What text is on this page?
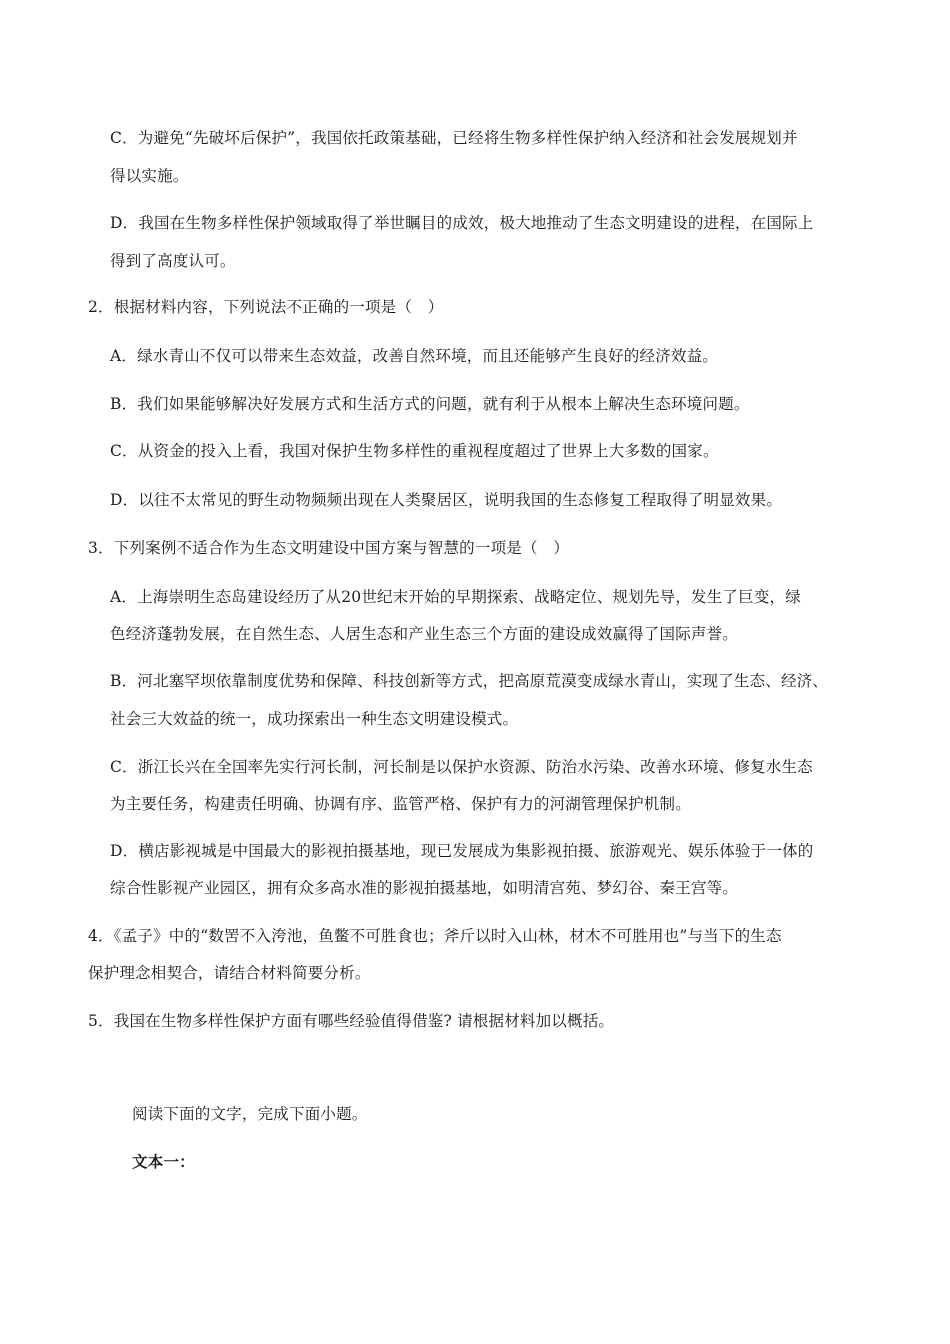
C．为避免“先破坏后保护”，我国依托政策基础，已经将生物多样性保护纳入经济和社会发展规划并
得以实施。
D．我国在生物多样性保护领域取得了举世瞩目的成效，极大地推动了生态文明建设的进程，在国际上
得到了高度认可。
2．根据材料内容，下列说法不正确的一项是（　）
A．绿水青山不仅可以带来生态效益，改善自然环境，而且还能够产生良好的经济效益。
B．我们如果能够解决好发展方式和生活方式的问题，就有利于从根本上解决生态环境问题。
C．从资金的投入上看，我国对保护生物多样性的重视程度超过了世界上大多数的国家。
D．以往不太常见的野生动物频频出现在人类聚居区，说明我国的生态修复工程取得了明显效果。
3．下列案例不适合作为生态文明建设中国方案与智慧的一项是（　）
A．上海崇明生态岛建设经历了从20世纪末开始的早期探索、战略定位、规划先导，发生了巨变，绿
色经济蓬勃发展，在自然生态、人居生态和产业生态三个方面的建设成效赢得了国际声誉。
B．河北塞罕坝依靠制度优势和保障、科技创新等方式，把高原荒漠变成绿水青山，实现了生态、经济、
社会三大效益的统一，成功探索出一种生态文明建设模式。
C．浙江长兴在全国率先实行河长制，河长制是以保护水资源、防治水污染、改善水环境、修复水生态
为主要任务，构建责任明确、协调有序、监管严格、保护有力的河湖管理保护机制。
D．横店影视城是中国最大的影视拍摄基地，现已发展成为集影视拍摄、旅游观光、娱乐体验于一体的
综合性影视产业园区，拥有众多高水准的影视拍摄基地，如明清宫苑、梦幻谷、秦王宫等。
4．《孟子》中的“数罟不入洿池，鱼鳖不可胜食也；斧斤以时入山林，材木不可胜用也”与当下的生态
保护理念相契合，请结合材料简要分析。
5．我国在生物多样性保护方面有哪些经验值得借鉴? 请根据材料加以概括。
阅读下面的文字，完成下面小题。
文本一：
